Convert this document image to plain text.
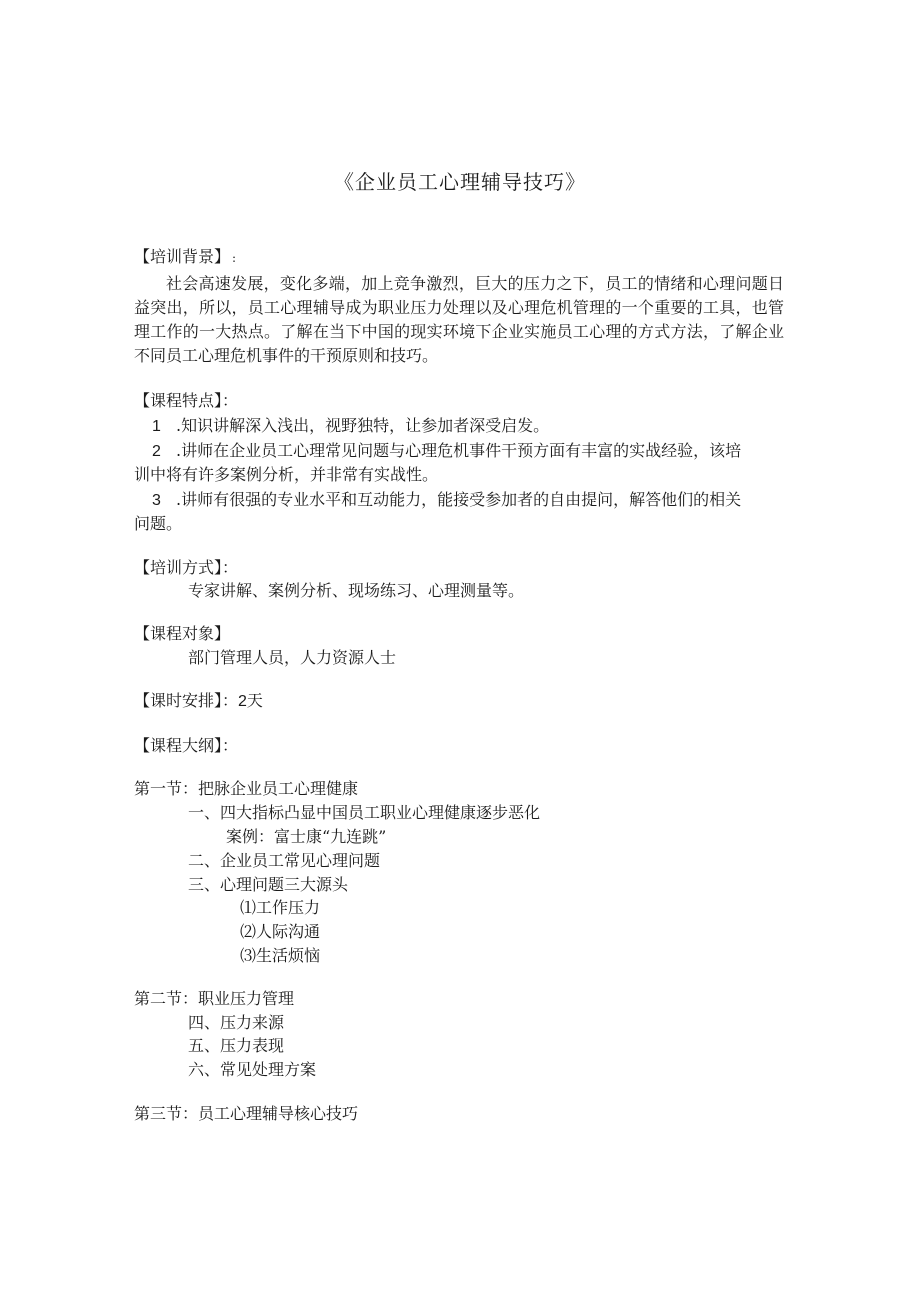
《企业员工心理辅导技巧》
【培训背景】 :
社会高速发展，变化多端，加上竞争激烈，巨大的压力之下，员工的情绪和心理问题日益突出，所以，员工心理辅导成为职业压力处理以及心理危机管理的一个重要的工具，也管理工作的一大热点。了解在当下中国的现实环境下企业实施员工心理的方式方法，了解企业不同员工心理危机事件的干预原则和技巧。
【课程特点】：
1 .知识讲解深入浅出，视野独特，让参加者深受启发。
2 .讲师在企业员工心理常见问题与心理危机事件干预方面有丰富的实战经验，该培
训中将有许多案例分析，并非常有实战性。
3 .讲师有很强的专业水平和互动能力，能接受参加者的自由提问，解答他们的相关
问题。
【培训方式】：
专家讲解、案例分析、现场练习、心理测量等。
【课程对象】
部门管理人员，人力资源人士
【课时安排】：2天
【课程大纲】：
第一节：把脉企业员工心理健康
一、四大指标凸显中国员工职业心理健康逐步恶化
案例：富士康“九连跳”
二、企业员工常见心理问题
三、心理问题三大源头
⑴工作压力
⑵人际沟通
⑶生活烦恼
第二节：职业压力管理
四、压力来源
五、压力表现
六、常见处理方案
第三节：员工心理辅导核心技巧
